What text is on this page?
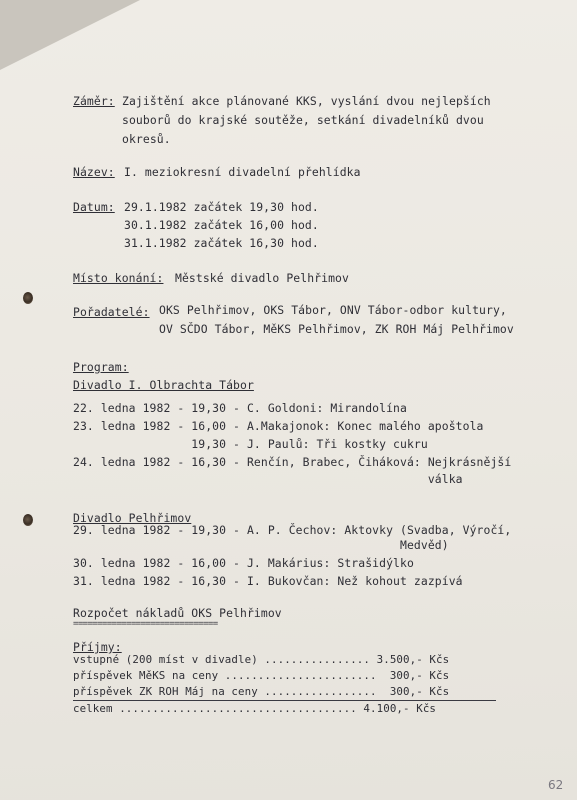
Záměr: Zajištění akce plánované KKS, vyslání dvou nejlepších
souborů do krajské soutěže, setkání divadelníků dvou
okresů.
Název: I. meziokresní divadelní přehlídka
Datum: 29.1.1982 začátek 19,30 hod.
30.1.1982 začátek 16,00 hod.
31.1.1982 začátek 16,30 hod.
Místo konání: Městské divadlo Pelhřimov
Pořadatelé: OKS Pelhřimov, OKS Tábor, ONV Tábor-odbor kultury,
OV SČDO Tábor, MěKS Pelhřimov, ZK ROH Máj Pelhřimov
Program:
Divadlo I. Olbrachta Tábor
22. ledna 1982 - 19,30 - C. Goldoni: Mirandolína
23. ledna 1982 - 16,00 - A.Makajonok: Konec malého apoštola
19,30 - J. Paulů: Tři kostky cukru
24. ledna 1982 - 16,30 - Renčín, Brabec, Čiháková: Nejkrásnější
válka
Divadlo Pelhřimov
29. ledna 1982 - 19,30 - A. P. Čechov: Aktovky (Svadba, Výročí,
Medvěd)
30. ledna 1982 - 16,00 - J. Makárius: Strašidýlko
31. ledna 1982 - 16,30 - I. Bukovčan: Než kohout zazpívá
Rozpočet nákladů OKS Pelhřimov
==============================
Příjmy:
vstupné (200 míst v divadle) ................ 3.500,- Kčs
příspěvek MěKS na ceny .......................  300,- Kčs
příspěvek ZK ROH Máj na ceny .................  300,- Kčs
celkem .................................... 4.100,- Kčs
62
